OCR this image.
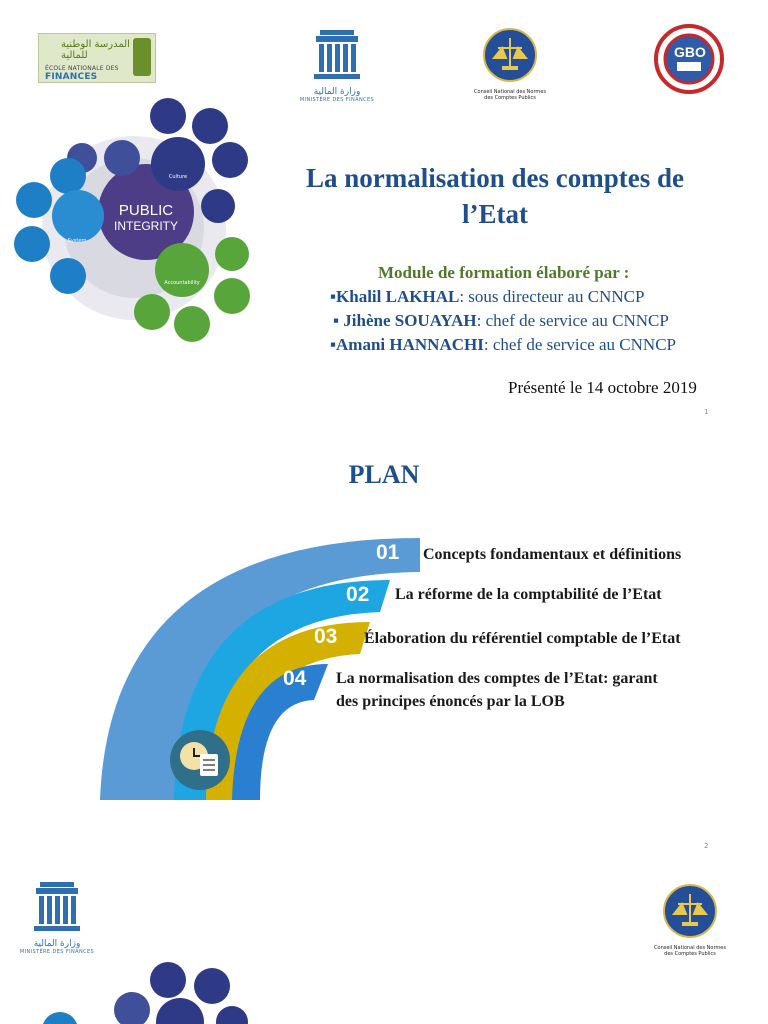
المدرسة الوطنية للمالية
ÉCOLE NATIONALE DES FINANCES
وزارة المالية
MINISTÈRE DES FINANCES
Conseil National des Normes
des Comptes Publics
GBO
PUBLIC
INTEGRITY
Culture
System
Accountability
La normalisation des comptes de
l’Etat
Module de formation élaboré par :
▪Khalil LAKHAL: sous directeur au CNNCP
▪ Jihène SOUAYAH: chef de service au CNNCP
▪Amani HANNACHI: chef de service au CNNCP
Présenté le 14 octobre 2019
1
PLAN
01
02
03
04
Concepts fondamentaux et définitions
La réforme de la comptabilité de l’Etat
Élaboration du référentiel comptable de l’Etat
La normalisation des comptes de l’Etat: garant
des principes énoncés par la LOB
2
وزارة المالية
MINISTÈRE DES FINANCES
Conseil National des Normes
des Comptes Publics
